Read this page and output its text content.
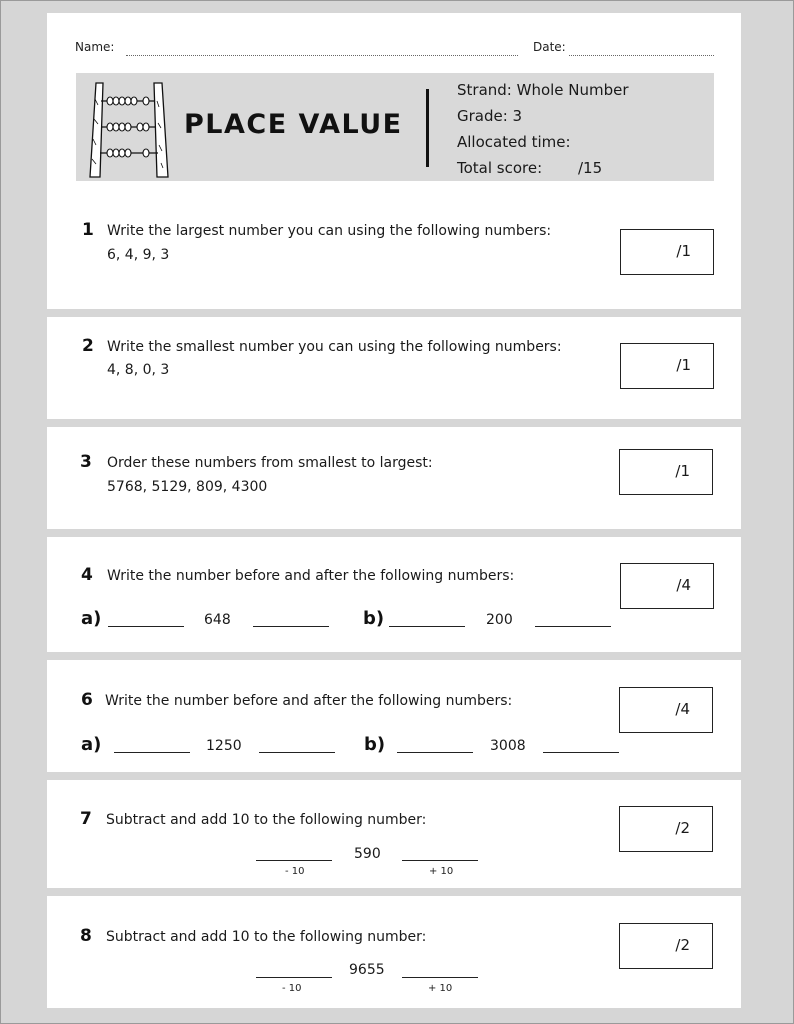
Name:	Date:
PLACE VALUE
Strand: Whole Number
Grade: 3
Allocated time:
Total score: /15
1 Write the largest number you can using the following numbers:
6, 4, 9, 3	/1
2 Write the smallest number you can using the following numbers:
4, 8, 0, 3	/1
3 Order these numbers from smallest to largest:
5768, 5129, 809, 4300
/1
4 Write the number before and after the following numbers:	/4
a)	648	b)	200
6 Write the number before and after the following numbers:	/4
a)	1250	b)	3008
7 Subtract and add 10 to the following number:	/2
590
- 10	+ 10
8 Subtract and add 10 to the following number:	/2
9655
- 10	+ 10
